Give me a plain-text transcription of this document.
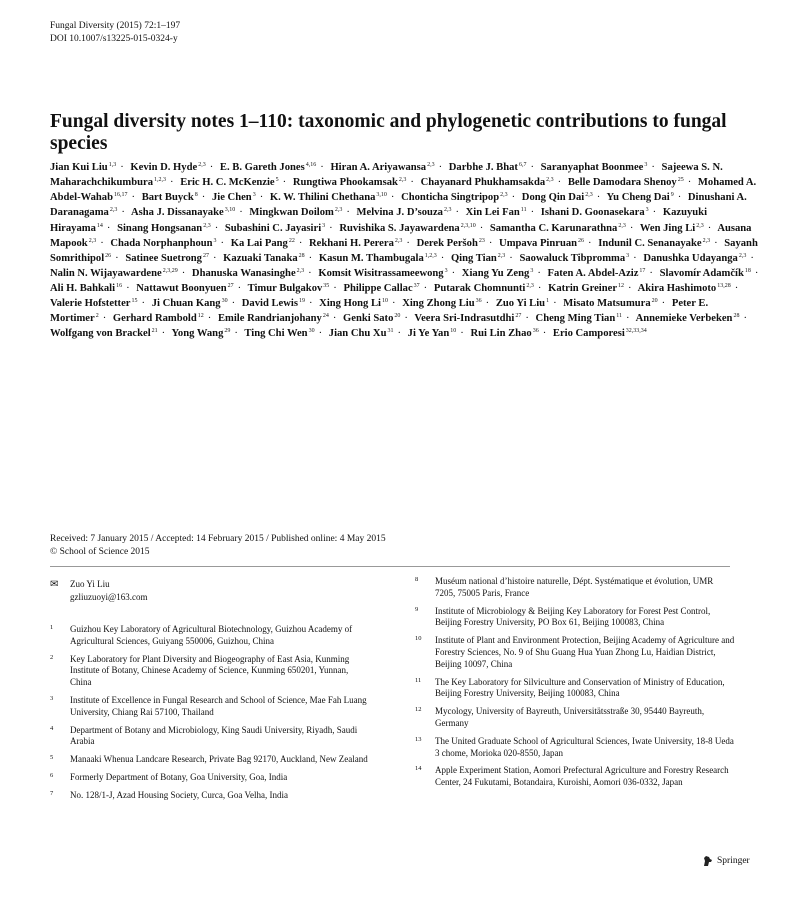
Fungal Diversity (2015) 72:1–197
DOI 10.1007/s13225-015-0324-y
Fungal diversity notes 1–110: taxonomic and phylogenetic contributions to fungal species

Jian Kui Liu$^{1,3}$ · Kevin D. Hyde$^{2,3}$ · E. B. Gareth Jones$^{4,16}$ · Hiran A. Ariyawansa$^{2,3}$ · Darbhe J. Bhat$^{6,7}$ · Saranyaphat Boonmee$^3$ · Sajeewa S. N. Maharachchikumbura$^{1,2,3}$ · Eric H. C. McKenzie$^5$ · Rungtiwa Phookamsak$^{2,3}$ · Chayanard Phukhamsakda$^{2,3}$ · Belle Damodara Shenoy$^{25}$ · Mohamed A. Abdel-Wahab$^{16,17}$ · Bart Buyck$^8$ · Jie Chen$^3$ · K. W. Thilini Chethana$^{3,10}$ · Chonticha Singtripop$^{2,3}$ · Dong Qin Dai$^{2,3}$ · Yu Cheng Dai$^9$ · Dinushani A. Daranagama$^{2,3}$ · Asha J. Dissanayake$^{3,10}$ · Mingkwan Doilom$^{2,3}$ · Melvina J. D’souza$^{2,3}$ · Xin Lei Fan$^{11}$ · Ishani D. Goonasekara$^3$ · Kazuyuki Hirayama$^{14}$ · Sinang Hongsanan$^{2,3}$ · Subashini C. Jayasiri$^3$ · Ruvishika S. Jayawardena$^{2,3,10}$ · Samantha C. Karunarathna$^{2,3}$ · Wen Jing Li$^{2,3}$ · Ausana Mapook$^{2,3}$ · Chada Norphanphoun$^3$ · Ka Lai Pang$^{22}$ · Rekhani H. Perera$^{2,3}$ · Derek Peršoh$^{23}$ · Umpava Pinruan$^{26}$ · Indunil C. Senanayake$^{2,3}$ · Sayanh Somrithipol$^{26}$ · Satinee Suetrong$^{27}$ · Kazuaki Tanaka$^{28}$ · Kasun M. Thambugala$^{1,2,3}$ · Qing Tian$^{2,3}$ · Saowaluck Tibpromma$^3$ · Danushka Udayanga$^{2,3}$ · Nalin N. Wijayawardene$^{2,3,29}$ · Dhanuska Wanasinghe$^{2,3}$ · Komsit Wisitrassameewong$^3$ · Xiang Yu Zeng$^3$ · Faten A. Abdel-Aziz$^{17}$ · Slavomír Adamčík$^{18}$ · Ali H. Bahkali$^{16}$ · Nattawut Boonyuen$^{27}$ · Timur Bulgakov$^{35}$ · Philippe Callac$^{37}$ · Putarak Chomnunti$^{2,3}$ · Katrin Greiner$^{12}$ · Akira Hashimoto$^{13,28}$ · Valerie Hofstetter$^{15}$ · Ji Chuan Kang$^{30}$ · David Lewis$^{19}$ · Xing Hong $Li^{10}$ · Xing Zhong Liu$^{36}$ · Zuo Yi Liu$^1$ · Misato Matsumura$^{20}$ · Peter E. Mortimer$^2$ · Gerhard Rambold$^{12}$ · Emile Randrianjohany$^{24}$ · Genki Sato$^{20}$ · Veera Sri-Indrasutdhi$^{27}$ · Cheng Ming Tian$^{11}$ · Annemieke Verbeken$^{28}$ · Wolfgang von Brackel$^{21}$ · Yong Wang$^{29}$ · Ting Chi Wen$^{30}$ · Jian Chu $Xu^{31} \cdot Ji$ Ye Yan$^{10}$ · Rui Lin Zhao$^{36}$ · Erio Camporesi$^{32,33,34}$

Received: 7 January 2015 / Accepted: 14 February 2015 / Published online: 4 May 2015
© School of Science 2015
✉ Zuo Yi Liu
gzliuzuoyi@163.com
1 Guizhou Key Laboratory of Agricultural Biotechnology, Guizhou Academy of Agricultural Sciences, Guiyang 550006, Guizhou, China
2 Key Laboratory for Plant Diversity and Biogeography of East Asia, Kunming Institute of Botany, Chinese Academy of Science, Kunming 650201, Yunnan, China
3 Institute of Excellence in Fungal Research and School of Science, Mae Fah Luang University, Chiang Rai 57100, Thailand
4 Department of Botany and Microbiology, King Saudi University, Riyadh, Saudi Arabia
5 Manaaki Whenua Landcare Research, Private Bag 92170, Auckland, New Zealand
6 Formerly Department of Botany, Goa University, Goa, India
7 No. 128/1-J, Azad Housing Society, Curca, Goa Velha, India
8 Muséum national d’histoire naturelle, Dépt. Systématique et évolution, UMR 7205, 75005 Paris, France
9 Institute of Microbiology & Beijing Key Laboratory for Forest Pest Control, Beijing Forestry University, PO Box 61, Beijing 100083, China
10 Institute of Plant and Environment Protection, Beijing Academy of Agriculture and Forestry Sciences, No. 9 of Shu Guang Hua Yuan Zhong Lu, Haidian District, Beijing 10097, China
11 The Key Laboratory for Silviculture and Conservation of Ministry of Education, Beijing Forestry University, Beijing 100083, China
12 Mycology, University of Bayreuth, Universitätsstraße 30, 95440 Bayreuth, Germany
13 The United Graduate School of Agricultural Sciences, Iwate University, 18-8 Ueda 3 chome, Morioka 020-8550, Japan
14 Apple Experiment Station, Aomori Prefectural Agriculture and Forestry Research Center, 24 Fukutami, Botandaira, Kuroishi, Aomori 036-0332, Japan
Springer
